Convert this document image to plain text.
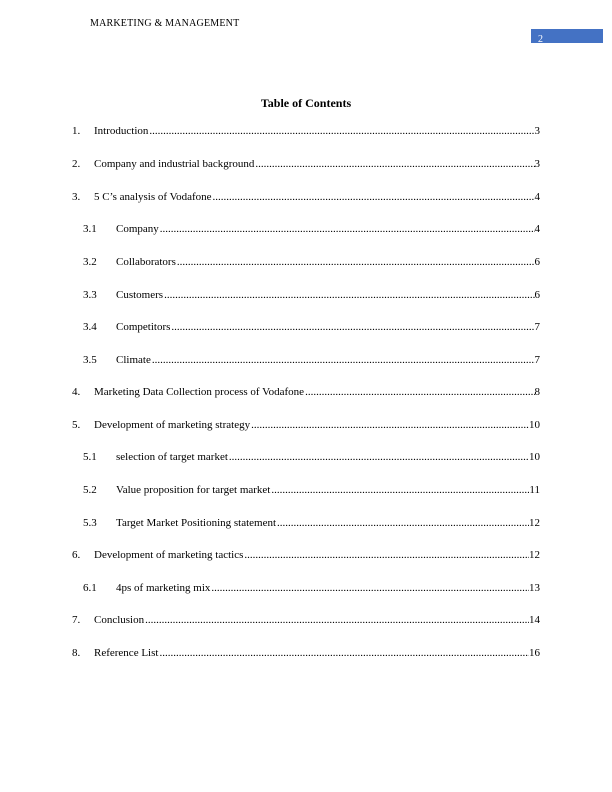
MARKETING & MANAGEMENT
2
Table of Contents
1.	Introduction .....	3
2.	Company and industrial background .....	3
3.	5 C’s analysis of Vodafone .....	4
3.1	Company .....	4
3.2	Collaborators .....	6
3.3	Customers .....	6
3.4	Competitors .....	7
3.5	Climate .....	7
4.	Marketing Data Collection process of Vodafone .....	8
5.	Development of marketing strategy .....	10
5.1	selection of target market .....	10
5.2	Value proposition for target market .....	11
5.3	Target Market Positioning statement .....	12
6.	Development of marketing tactics .....	12
6.1	4ps of marketing mix .....	13
7.	Conclusion .....	14
8.	Reference List .....	16
